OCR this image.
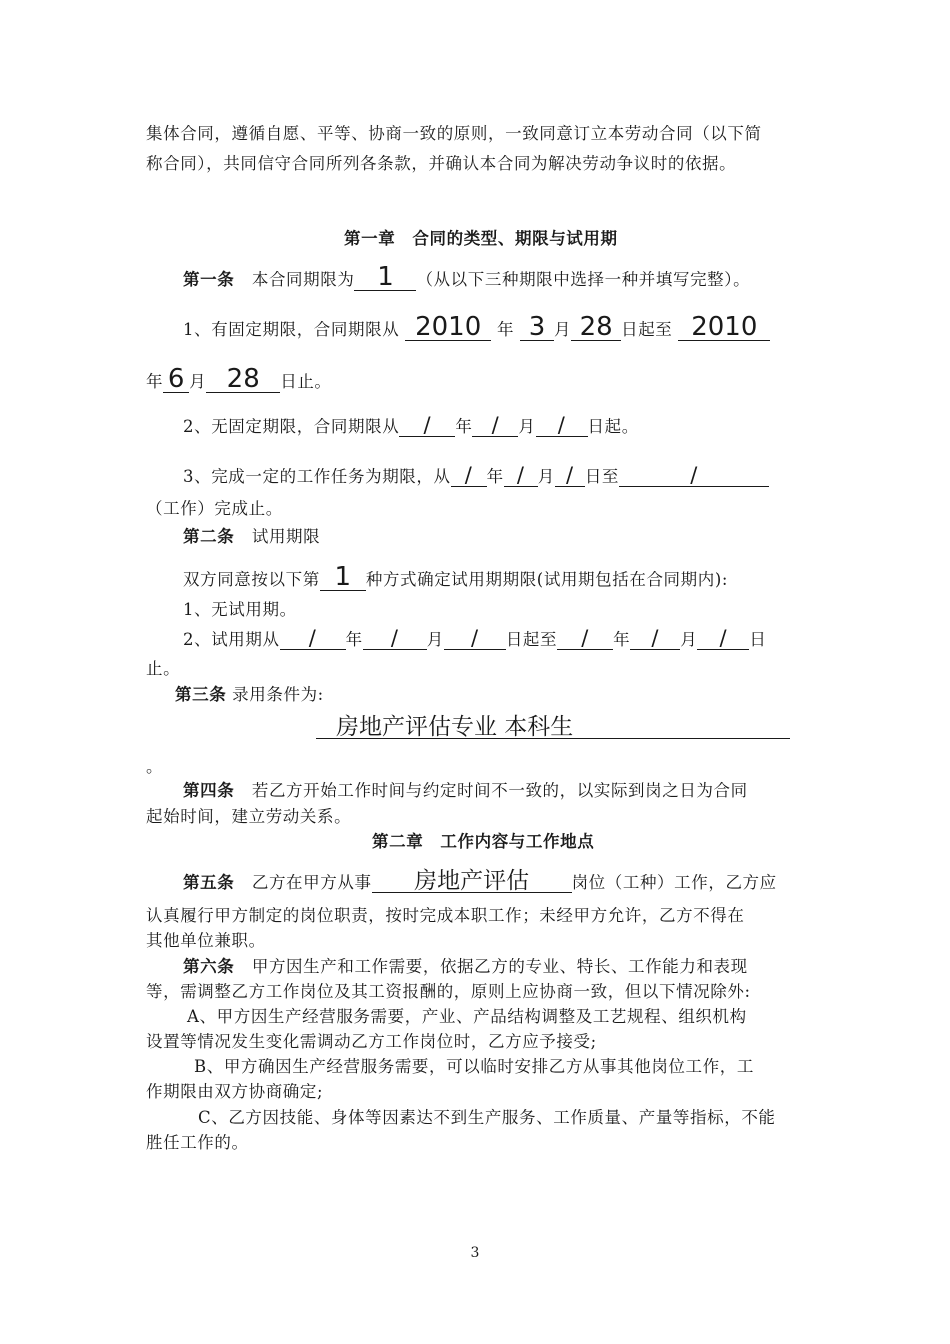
集体合同，遵循自愿、平等、协商一致的原则，一致同意订立本劳动合同（以下简
称合同），共同信守合同所列各条款，并确认本合同为解决劳动争议时的依据。
第一章　合同的类型、期限与试用期
第一条 本合同期限为 1 （从以下三种期限中选择一种并填写完整）。
1、有固定期限，合同期限从 2010 年 3 月 28 日起至 2010
年 6 月 28 日止。
2、无固定期限，合同期限从 / 年 / 月 / 日起。
3、完成一定的工作任务为期限，从 / 年 / 月 / 日至	/
（工作）完成止。
第二条 试用期限
双方同意按以下第 1 种方式确定试用期期限(试用期包括在合同期内):
1、无试用期。
2、试用期从 / 年 / 月 / 日起至 / 年 / 月 / 日
止。
第三条 录用条件为:
房地产评估专业 本科生
。
第四条 若乙方开始工作时间与约定时间不一致的，以实际到岗之日为合同
起始时间，建立劳动关系。
第二章　工作内容与工作地点
第五条 乙方在甲方从事 房地产评估	岗位（工种）工作，乙方应
认真履行甲方制定的岗位职责，按时完成本职工作；未经甲方允许，乙方不得在
其他单位兼职。
第六条 甲方因生产和工作需要，依据乙方的专业、特长、工作能力和表现
等，需调整乙方工作岗位及其工资报酬的，原则上应协商一致，但以下情况除外:
A、甲方因生产经营服务需要，产业、产品结构调整及工艺规程、组织机构
设置等情况发生变化需调动乙方工作岗位时，乙方应予接受;
B、甲方确因生产经营服务需要，可以临时安排乙方从事其他岗位工作，工
作期限由双方协商确定;
C、乙方因技能、身体等因素达不到生产服务、工作质量、产量等指标，不能
胜任工作的。
3
